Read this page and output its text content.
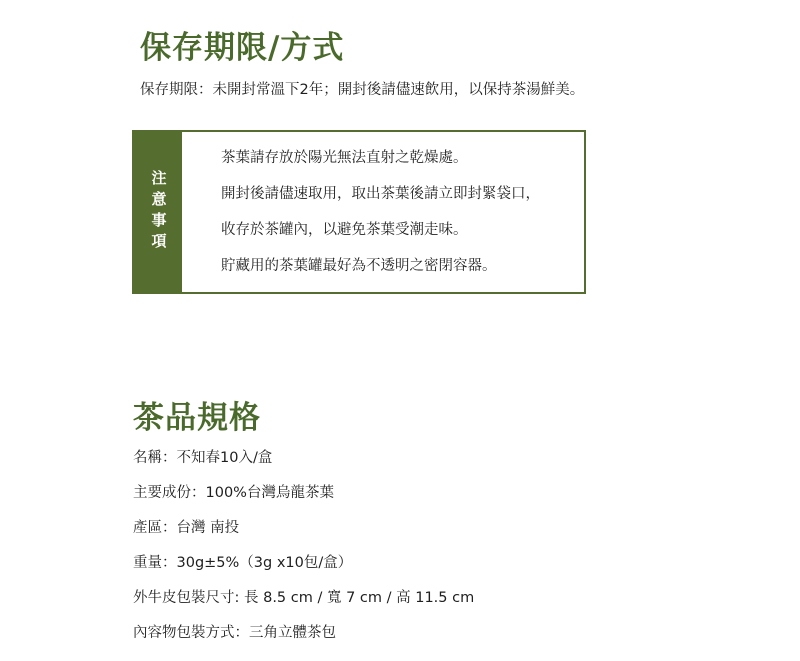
保存期限/方式
保存期限：未開封常溫下2年；開封後請儘速飲用，以保持茶湯鮮美。
注意事項
茶葉請存放於陽光無法直射之乾燥處。
開封後請儘速取用，取出茶葉後請立即封緊袋口，
收存於茶罐內，以避免茶葉受潮走味。
貯藏用的茶葉罐最好為不透明之密閉容器。
茶品規格
名稱：不知春10入/盒
主要成份：100%台灣烏龍茶葉
產區：台灣 南投
重量：30g±5%（3g x10包/盒）
外牛皮包裝尺寸: 長 8.5 cm / 寬 7 cm / 高 11.5 cm
內容物包裝方式：三角立體茶包
